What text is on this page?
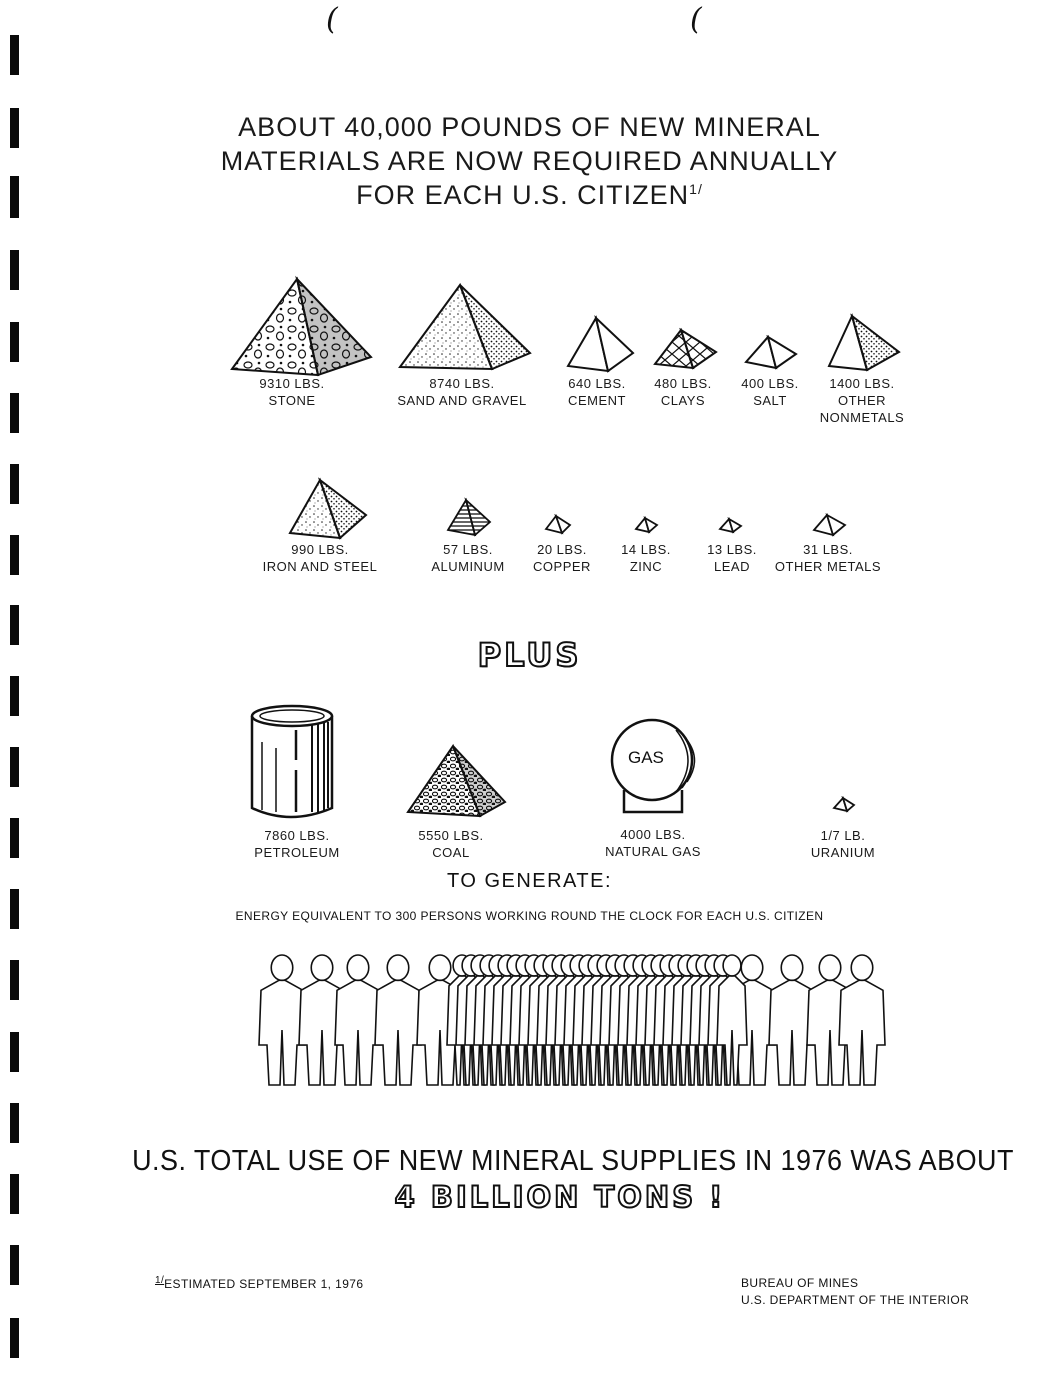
(	(
ABOUT 40,000 POUNDS OF NEW MINERAL
MATERIALS ARE NOW REQUIRED ANNUALLY
FOR EACH U.S. CITIZEN$^{1/}$
GAS
9310 LBS.
STONE
8740 LBS.
SAND AND GRAVEL
640 LBS.
CEMENT
480 LBS.
CLAYS
400 LBS.
SALT
1400 LBS.
OTHER
NONMETALS
990 LBS.
IRON AND STEEL
57 LBS.
ALUMINUM
20 LBS.
COPPER
14 LBS.
ZINC
13 LBS.
LEAD
31 LBS.
OTHER METALS
PLUS
7860 LBS.
PETROLEUM
5550 LBS.
COAL
4000 LBS.
NATURAL GAS
1/7 LB.
URANIUM
TO GENERATE:
ENERGY EQUIVALENT TO 300 PERSONS WORKING ROUND THE CLOCK FOR EACH U.S. CITIZEN
U.S. TOTAL USE OF NEW MINERAL SUPPLIES IN 1976 WAS ABOUT
4 BILLION TONS !
$^{1/}$ESTIMATED SEPTEMBER 1, 1976	BUREAU OF MINES
U.S. DEPARTMENT OF THE INTERIOR
